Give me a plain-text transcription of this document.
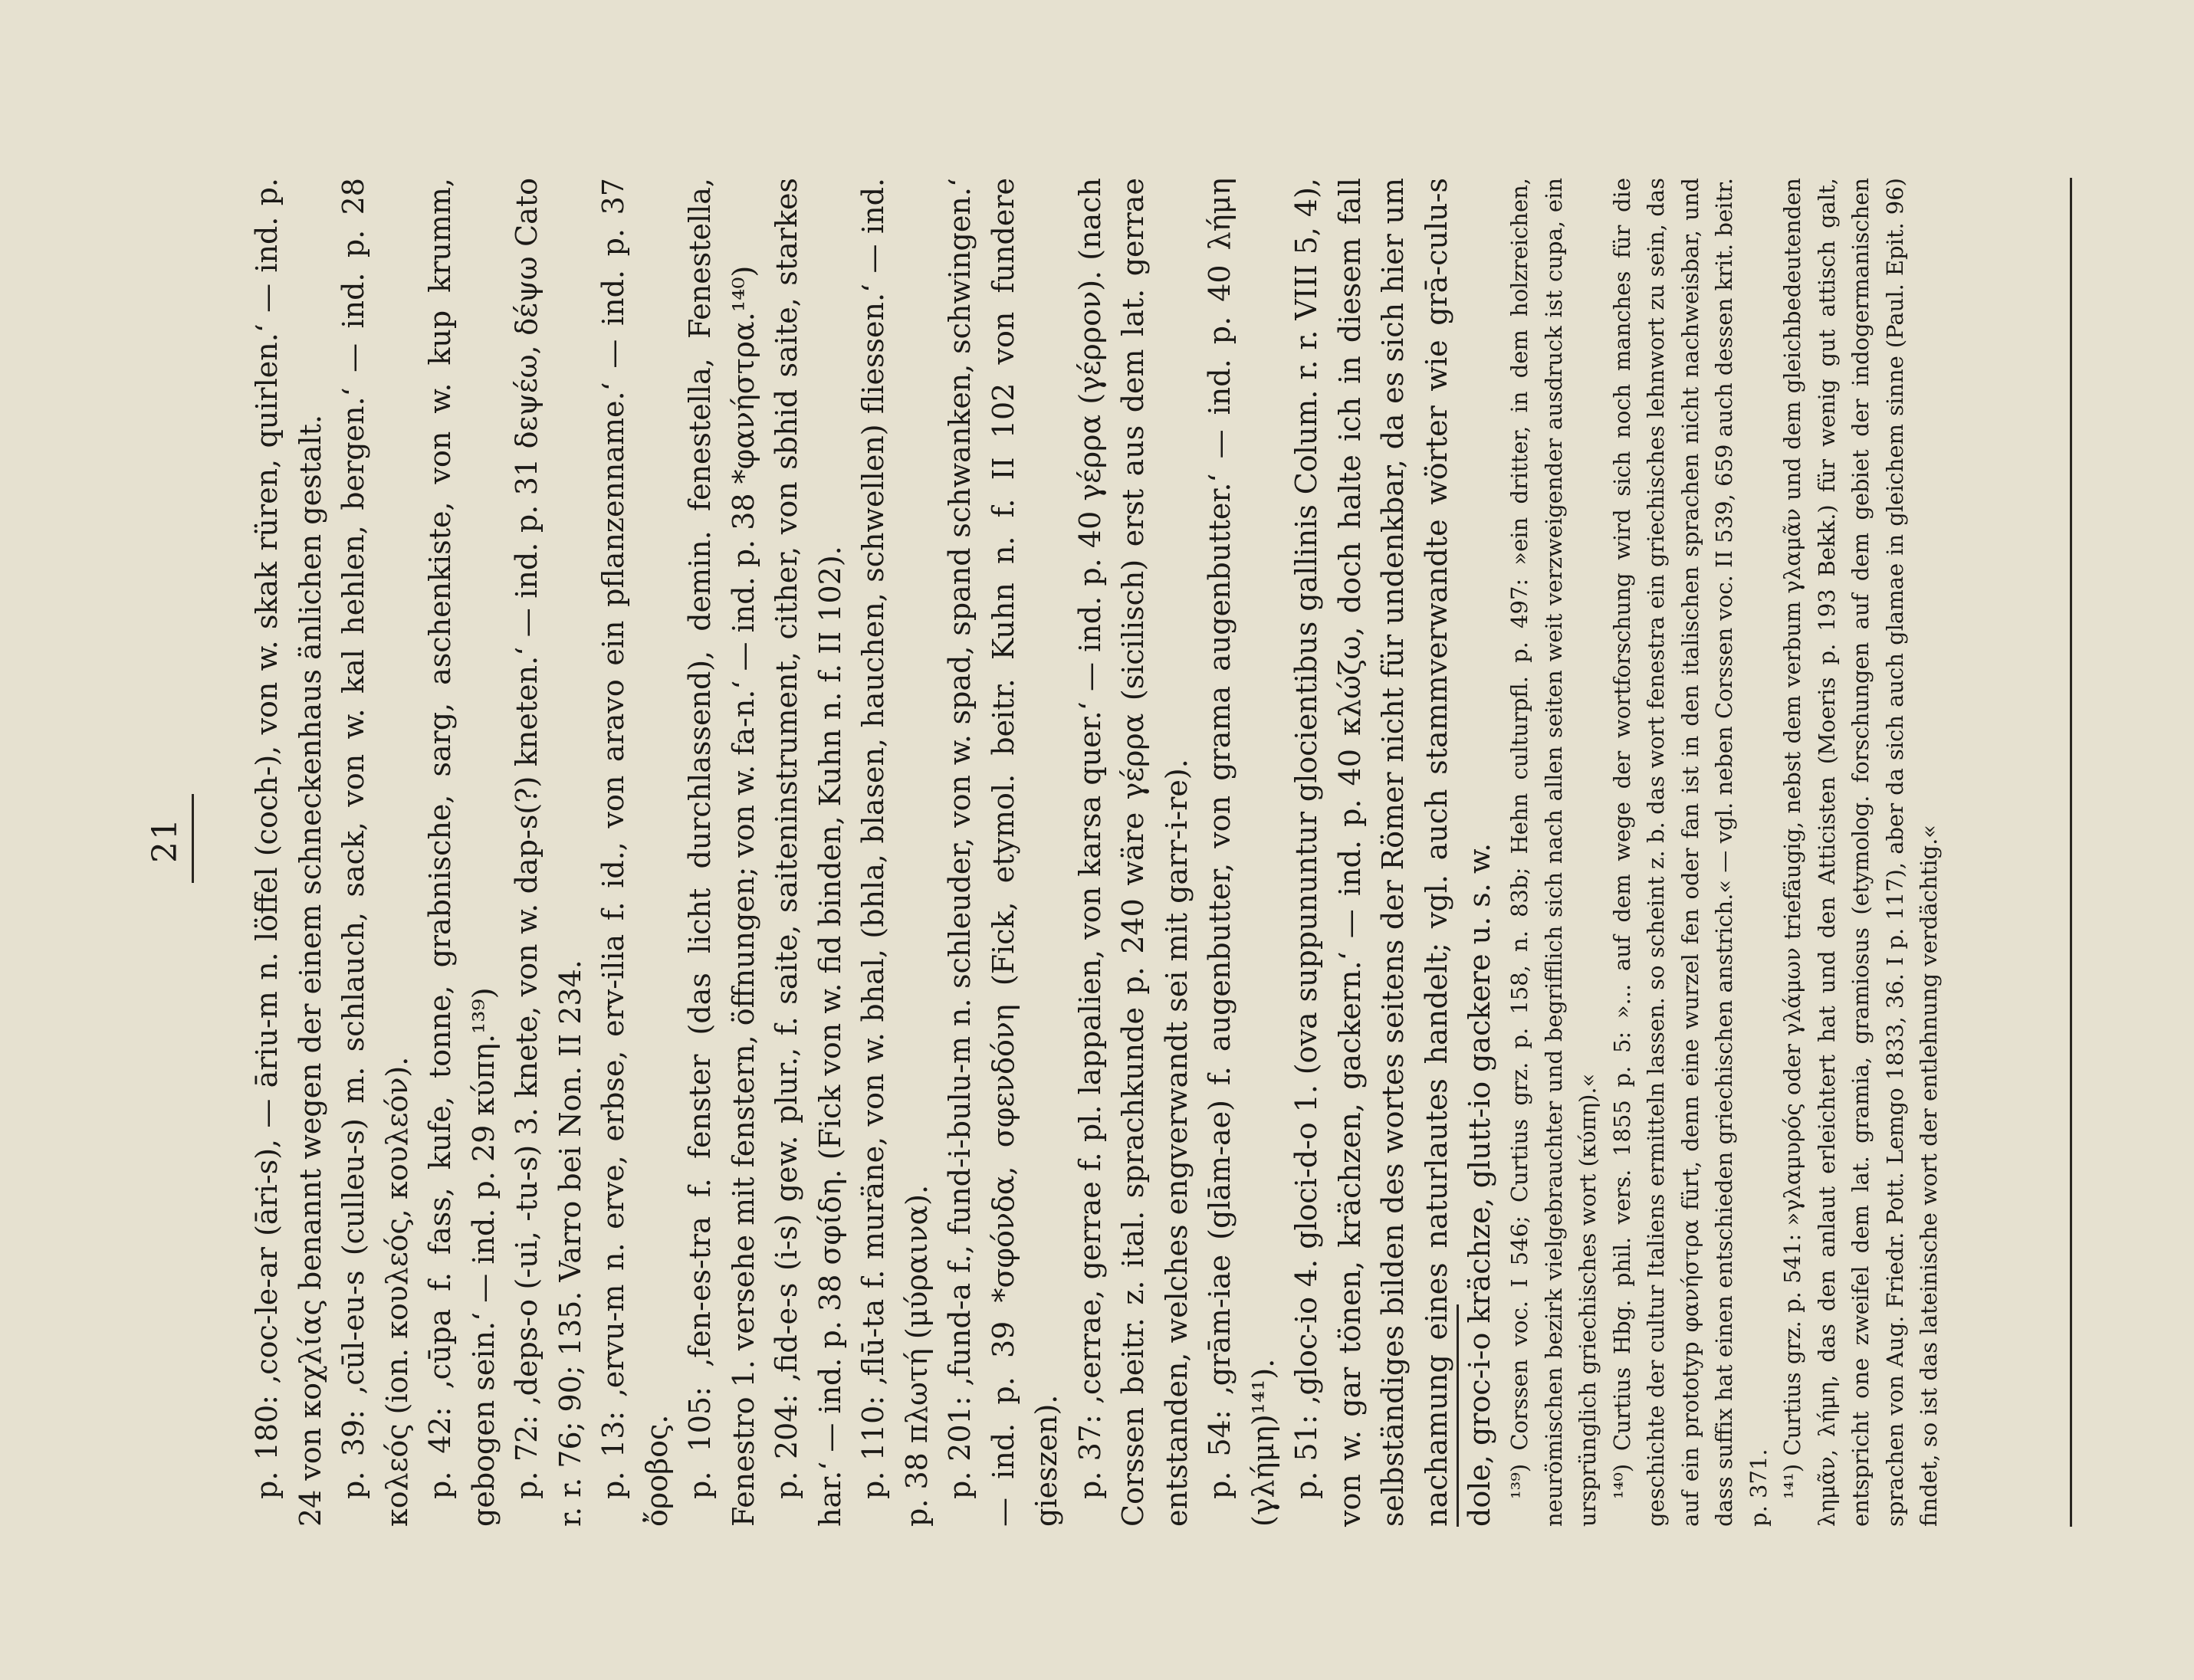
21 p. 180: ‚coc-le-ar (āri-s), — āriu-m n. löffel (coch-), von w. skak rüren, quirlen.‘ — ind. p. 24 von κοχλίας benannt wegen der einem schneckenhaus änlichen gestalt. p. 39: ‚cūl-eu-s (culleu-s) m. schlauch, sack, von w. kal hehlen, bergen.‘ — ind. p. 28 κολεός (ion. κουλεός, κουλεόν). p. 42: ‚cūpa f. fass, kufe, tonne, grabnische, sarg, aschenkiste, von w. kup krumm, gebogen sein.‘ — ind. p. 29 κύπη.¹³⁹) p. 72: ‚deps-o (-ui, -tu-s) 3. knete, von w. dap-s(?) kneten.‘ — ind. p. 31 δεψέω, δέψω Cato r. r. 76; 90; 135. Varro bei Non. II 234. p. 13: ‚ervu-m n. erve, erbse, erv-ilia f. id., von aravo ein pflanzenname.‘ — ind. p. 37 ὄροβος. p. 105: ‚fen-es-tra f. fenster (das licht durchlassend), demin. fenestella, Fenestella, Fenestro 1. versehe mit fenstern, öffnungen; von w. fa-n.‘ — ind. p. 38 *φανήστρα.¹⁴⁰) p. 204: ‚fid-e-s (i-s) gew. plur., f. saite, saiteninstrument, cither, von sbhid saite, starkes har.‘ — ind. p. 38 σφίδη. (Fick von w. fid binden, Kuhn n. f. II 102). p. 110: ‚flū-ta f. muräne, von w. bhal, (bhla, blasen, hauchen, schwellen) fliessen.‘ — ind. p. 38 πλωτή (μύραινα). p. 201: ‚fund-a f., fund-i-bulu-m n. schleuder, von w. spad, spand schwanken, schwingen.‘ — ind. p. 39 *σφόνδα, σφενδόνη (Fick, etymol. beitr. Kuhn n. f. II 102 von fundere gieszen). p. 37: ‚cerrae, gerrae f. pl. lappalien, von karsa quer.‘ — ind. p. 40 γέρρα (γέρρον). (nach Corssen beitr. z. ital. sprachkunde p. 240 wäre γέρρα (sicilisch) erst aus dem lat. gerrae entstanden, welches engverwandt sei mit garr-i-re). p. 54: ‚grām-iae (glām-ae) f. augenbutter, von grama augenbutter.‘ — ind. p. 40 λήμη (γλήμη)¹⁴¹). p. 51: ‚gloc-io 4. gloci-d-o 1. (ova suppununtur glocientibus gallinis Colum. r. r. VIII 5, 4), von w. gar tönen, krächzen, gackern.‘ — ind. p. 40 κλώζω, doch halte ich in diesem fall selbständiges bilden des wortes seitens der Römer nicht für undenkbar, da es sich hier um nachamung eines naturlautes handelt; vgl. auch stammverwandte wörter wie grā-culu-s dole, groc-i-o krächze, glutt-io gackere u. s. w. ¹³⁹) Corssen voc. I 546; Curtius grz. p. 158, n. 83b; Hehn culturpfl. p. 497: »ein dritter, in dem holzreichen, neurömischen bezirk vielgebrauchter und begrifflich sich nach allen seiten weit verzweigender ausdruck ist cupa, ein ursprünglich griechisches wort (κύπη).« ¹⁴⁰) Curtius Hbg. phil. vers. 1855 p. 5: »... auf dem wege der wortforschung wird sich noch manches für die geschichte der cultur Italiens ermitteln lassen. so scheint z. b. das wort fenestra ein griechisches lehnwort zu sein, das auf ein prototyp φανήστρα fürt, denn eine wurzel fen oder fan ist in den italischen sprachen nicht nachweisbar, und dass suffix hat einen entschieden griechischen anstrich.« — vgl. neben Corssen voc. II 539, 659 auch dessen krit. beitr. p. 371. ¹⁴¹) Curtius grz. p. 541: »γλαμυρός oder γλάμων triefäugig, nebst dem verbum γλαμᾶν und dem gleichbedeutenden λημᾶν, λήμη, das den anlaut erleichtert hat und den Atticisten (Moeris p. 193 Bekk.) für wenig gut attisch galt, entspricht one zweifel dem lat. gramia, gramiosus (etymolog. forschungen auf dem gebiet der indogermanischen sprachen von Aug. Friedr. Pott. Lemgo 1833, 36. I p. 117), aber da sich auch glamae in gleichem sinne (Paul. Epit. 96) findet, so ist das lateinische wort der entlehnung verdächtig.«
